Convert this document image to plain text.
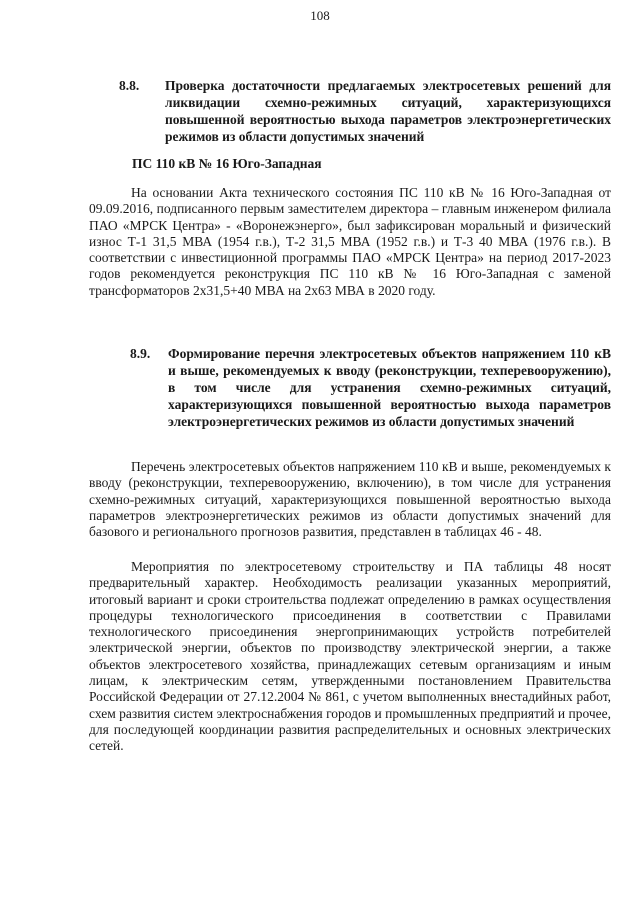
108
8.8. Проверка достаточности предлагаемых электросетевых решений для ликвидации схемно-режимных ситуаций, характеризующихся повышенной вероятностью выхода параметров электроэнергетических режимов из области допустимых значений
ПС 110 кВ № 16 Юго-Западная

На основании Акта технического состояния ПС 110 кВ № 16 Юго-Западная от 09.09.2016, подписанного первым заместителем директора – главным инженером филиала ПАО «МРСК Центра» - «Воронежэнерго», был зафиксирован моральный и физический износ Т-1 31,5 МВА (1954 г.в.), Т-2 31,5 МВА (1952 г.в.) и Т-3 40 МВА (1976 г.в.). В соответствии с инвестиционной программы ПАО «МРСК Центра» на период 2017-2023 годов рекомендуется реконструкция ПС 110 кВ № 16 Юго-Западная с заменой трансформаторов 2х31,5+40 МВА на 2х63 МВА в 2020 году.

8.9. Формирование перечня электросетевых объектов напряжением 110 кВ и выше, рекомендуемых к вводу (реконструкции, техперевооружению), в том числе для устранения схемно-режимных ситуаций, характеризующихся повышенной вероятностью выхода параметров электроэнергетических режимов из области допустимых значений

Перечень электросетевых объектов напряжением 110 кВ и выше, рекомендуемых к вводу (реконструкции, техперевооружению, включению), в том числе для устранения схемно-режимных ситуаций, характеризующихся повышенной вероятностью выхода параметров электроэнергетических режимов из области допустимых значений для базового и регионального прогнозов развития, представлен в таблицах 46 - 48.

Мероприятия по электросетевому строительству и ПА таблицы 48 носят предварительный характер. Необходимость реализации указанных мероприятий, итоговый вариант и сроки строительства подлежат определению в рамках осуществления процедуры технологического присоединения в соответствии с Правилами технологического присоединения энергопринимающих устройств потребителей электрической энергии, объектов по производству электрической энергии, а также объектов электросетевого хозяйства, принадлежащих сетевым организациям и иным лицам, к электрическим сетям, утвержденными постановлением Правительства Российской Федерации от 27.12.2004 № 861, с учетом выполненных внестадийных работ, схем развития систем электроснабжения городов и промышленных предприятий и прочее, для последующей координации развития распределительных и основных электрических сетей.
